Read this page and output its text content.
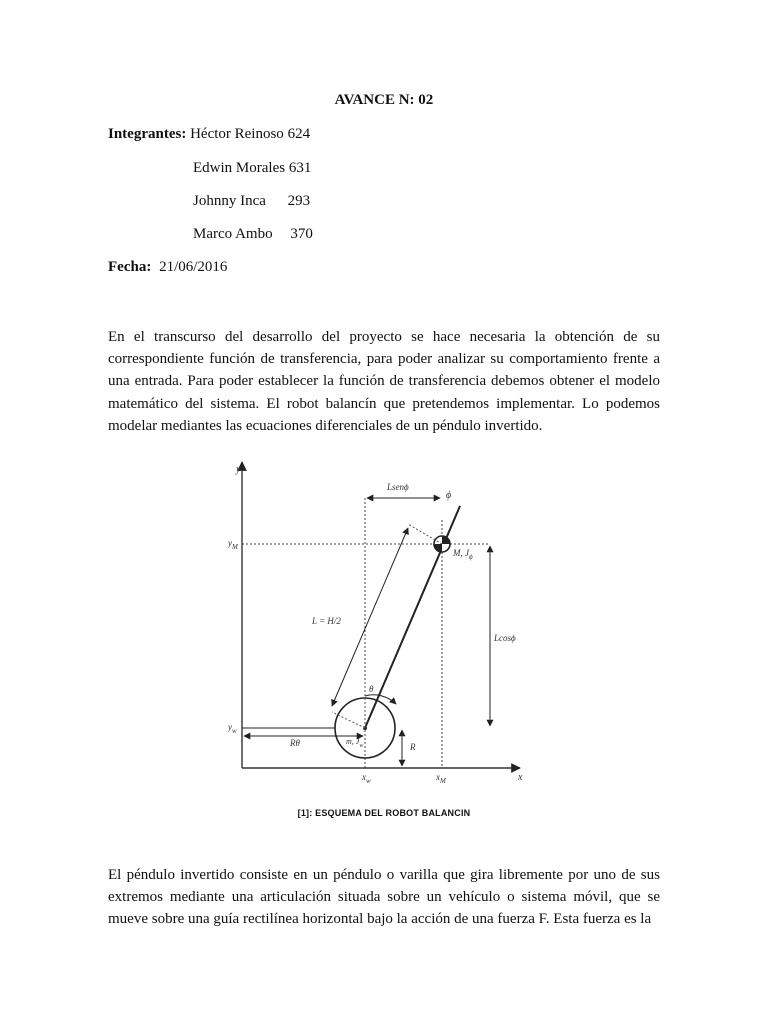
AVANCE N: 02
Integrantes: Héctor Reinoso 624
Edwin Morales 631
Johnny Inca 293
Marco Ambo 370
Fecha: 21/06/2016
En el transcurso del desarrollo del proyecto se hace necesaria la obtención de su correspondiente función de transferencia, para poder analizar su comportamiento frente a una entrada. Para poder establecer la función de transferencia debemos obtener el modelo matemático del sistema. El robot balancín que pretendemos implementar. Lo podemos modelar mediantes las ecuaciones diferenciales de un péndulo invertido.
y
x
Lsenϕ
ϕ
M, $J_\phi$
Lcosϕ
L = H/2
θ
$y_w$
$y_M$
Rθ	m, $J_w$	R
$x_w$	$x_M$
[1]: ESQUEMA DEL ROBOT BALANCIN
El péndulo invertido consiste en un péndulo o varilla que gira libremente por uno de sus extremos mediante una articulación situada sobre un vehículo o sistema móvil, que se mueve sobre una guía rectilínea horizontal bajo la acción de una fuerza F. Esta fuerza es la
